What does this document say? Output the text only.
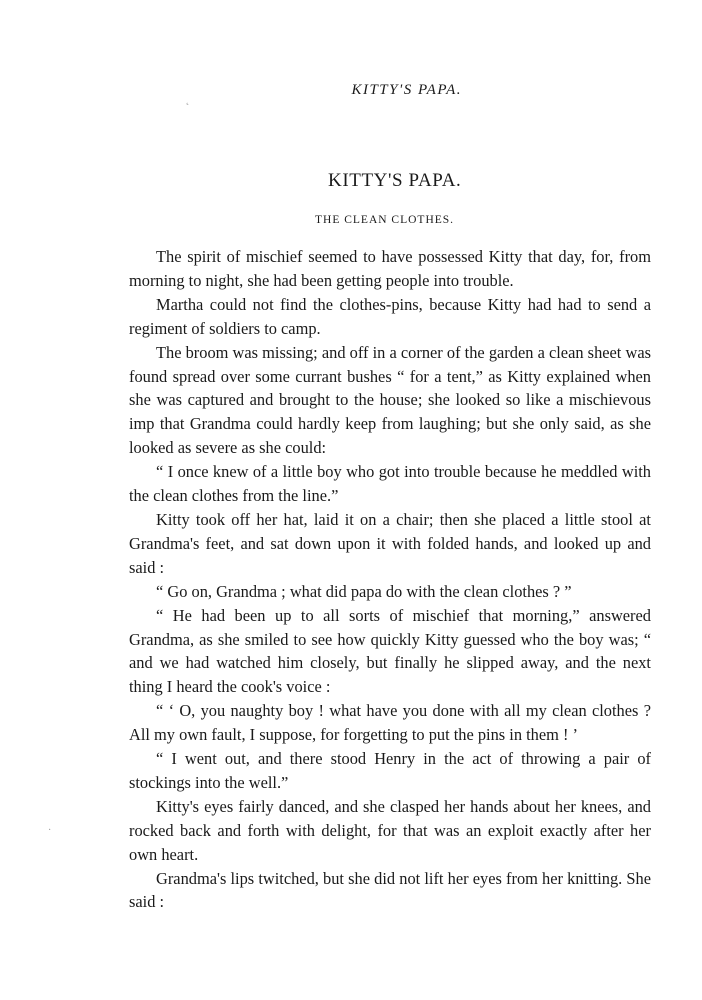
˛
·
KITTY'S PAPA.
KITTY'S PAPA.
THE CLEAN CLOTHES.

The spirit of mischief seemed to have possessed Kitty that day, for, from morning to night, she had been getting people into trouble.

Martha could not find the clothes-pins, because Kitty had had to send a regiment of soldiers to camp.

The broom was missing; and off in a corner of the garden a clean sheet was found spread over some currant bushes “ for a tent,” as Kitty explained when she was captured and brought to the house; she looked so like a mischievous imp that Grandma could hardly keep from laughing; but she only said, as she looked as severe as she could:

“ I once knew of a little boy who got into trouble because he meddled with the clean clothes from the line.”

Kitty took off her hat, laid it on a chair; then she placed a little stool at Grandma's feet, and sat down upon it with folded hands, and looked up and said :

“ Go on, Grandma ; what did papa do with the clean clothes ? ”

“ He had been up to all sorts of mischief that morning,” answered Grandma, as she smiled to see how quickly Kitty guessed who the boy was; “ and we had watched him closely, but finally he slipped away, and the next thing I heard the cook's voice :

“ ‘ O, you naughty boy ! what have you done with all my clean clothes ? All my own fault, I suppose, for forgetting to put the pins in them ! ’

“ I went out, and there stood Henry in the act of throwing a pair of stockings into the well.”

Kitty's eyes fairly danced, and she clasped her hands about her knees, and rocked back and forth with delight, for that was an exploit exactly after her own heart.

Grandma's lips twitched, but she did not lift her eyes from her knitting. She said :
